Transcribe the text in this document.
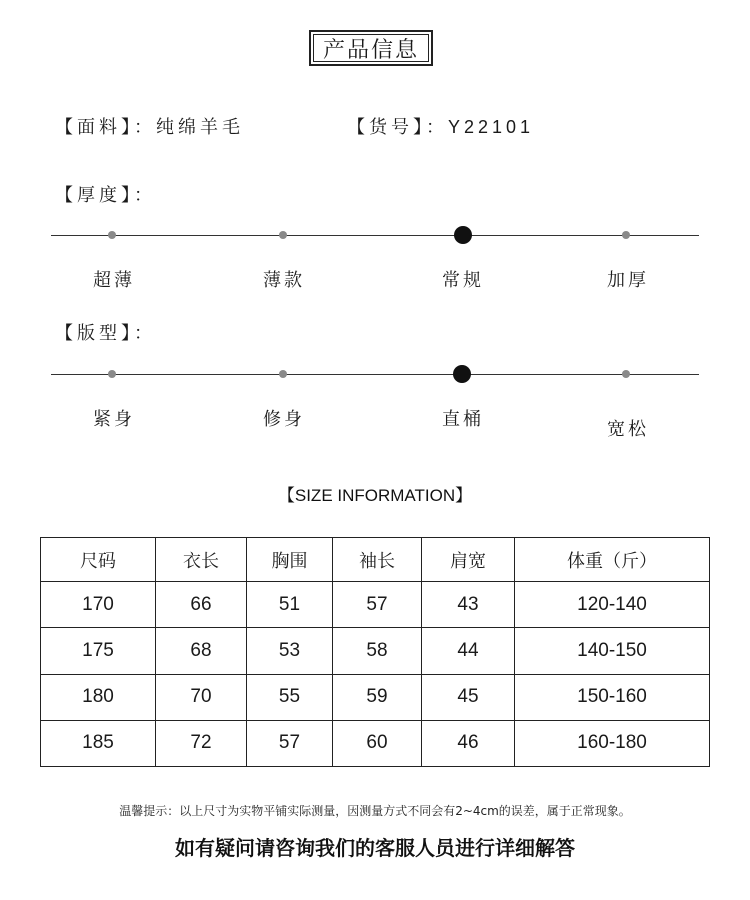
产品信息
【面料】：纯绵羊毛	【货号】：Y22101
【厚度】：
超薄	薄款	常规	加厚
【版型】：
紧身	修身	直桶	宽松
【SIZE INFORMATION】
尺码	衣长	胸围	袖长	肩宽	体重（斤）
170	66	51	57	43	120-140
175	68	53	58	44	140-150
180	70	55	59	45	150-160
185	72	57	60	46	160-180
温馨提示：以上尺寸为实物平铺实际测量，因测量方式不同会有2~4cm的误差，属于正常现象。
如有疑问请咨询我们的客服人员进行详细解答
